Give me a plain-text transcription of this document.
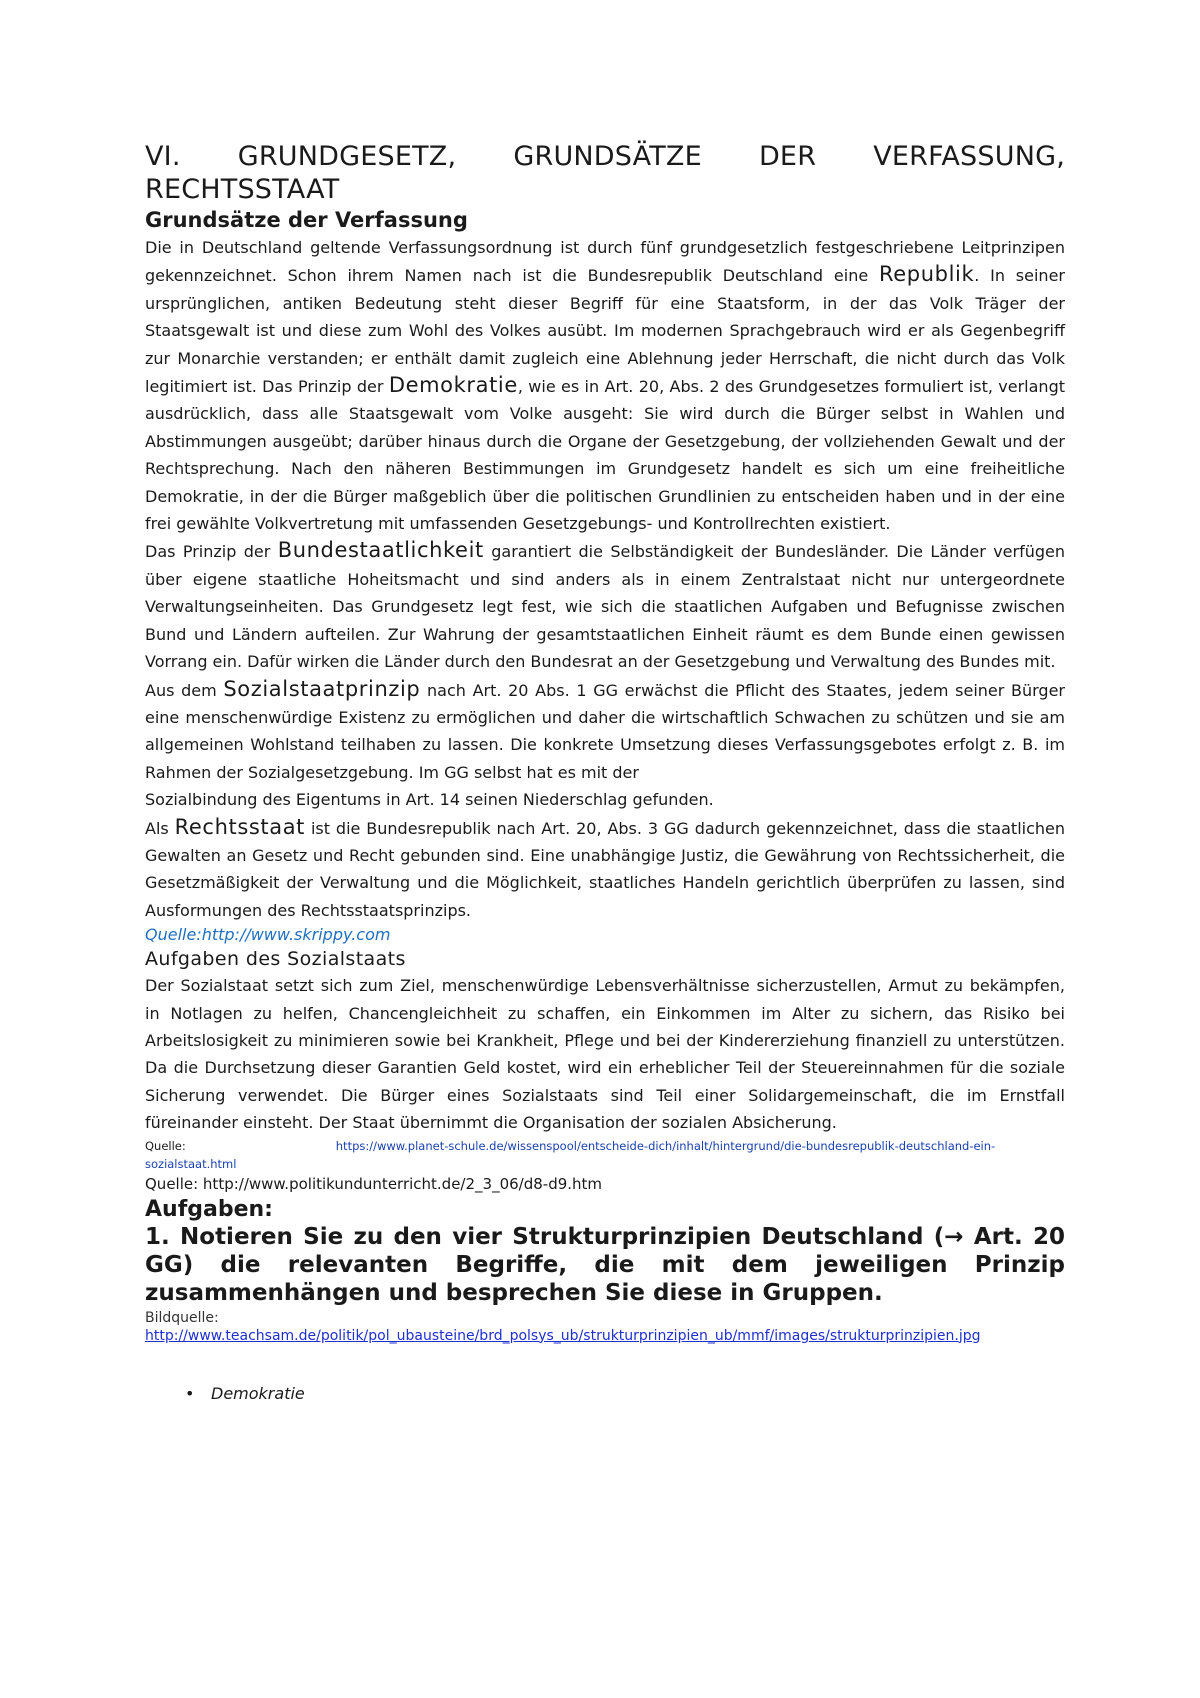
VI. GRUNDGESETZ, GRUNDSÄTZE DER VERFASSUNG, RECHTSSTAAT
Grundsätze der Verfassung

Die in Deutschland geltende Verfassungsordnung ist durch fünf grundgesetzlich festgeschriebene Leitprinzipen gekennzeichnet. Schon ihrem Namen nach ist die Bundesrepublik Deutschland eine Republik. In seiner ursprünglichen, antiken Bedeutung steht dieser Begriff für eine Staatsform, in der das Volk Träger der Staatsgewalt ist und diese zum Wohl des Volkes ausübt. Im modernen Sprachgebrauch wird er als Gegenbegriff zur Monarchie verstanden; er enthält damit zugleich eine Ablehnung jeder Herrschaft, die nicht durch das Volk legitimiert ist. Das Prinzip der Demokratie, wie es in Art. 20, Abs. 2 des Grundgesetzes formuliert ist, verlangt ausdrücklich, dass alle Staatsgewalt vom Volke ausgeht: Sie wird durch die Bürger selbst in Wahlen und Abstimmungen ausgeübt; darüber hinaus durch die Organe der Gesetzgebung, der vollziehenden Gewalt und der Rechtsprechung. Nach den näheren Bestimmungen im Grundgesetz handelt es sich um eine freiheitliche Demokratie, in der die Bürger maßgeblich über die politischen Grundlinien zu entscheiden haben und in der eine frei gewählte Volkvertretung mit umfassenden Gesetzgebungs- und Kontrollrechten existiert.

Das Prinzip der Bundestaatlichkeit garantiert die Selbständigkeit der Bundesländer. Die Länder verfügen über eigene staatliche Hoheitsmacht und sind anders als in einem Zentralstaat nicht nur untergeordnete Verwaltungseinheiten. Das Grundgesetz legt fest, wie sich die staatlichen Aufgaben und Befugnisse zwischen Bund und Ländern aufteilen. Zur Wahrung der gesamtstaatlichen Einheit räumt es dem Bunde einen gewissen Vorrang ein. Dafür wirken die Länder durch den Bundesrat an der Gesetzgebung und Verwaltung des Bundes mit.

Aus dem Sozialstaatprinzip nach Art. 20 Abs. 1 GG erwächst die Pflicht des Staates, jedem seiner Bürger eine menschenwürdige Existenz zu ermöglichen und daher die wirtschaftlich Schwachen zu schützen und sie am allgemeinen Wohlstand teilhaben zu lassen. Die konkrete Umsetzung dieses Verfassungsgebotes erfolgt z. B. im Rahmen der Sozialgesetzgebung. Im GG selbst hat es mit der

Sozialbindung des Eigentums in Art. 14 seinen Niederschlag gefunden.

Als Rechtsstaat ist die Bundesrepublik nach Art. 20, Abs. 3 GG dadurch gekennzeichnet, dass die staatlichen Gewalten an Gesetz und Recht gebunden sind. Eine unabhängige Justiz, die Gewährung von Rechtssicherheit, die Gesetzmäßigkeit der Verwaltung und die Möglichkeit, staatliches Handeln gerichtlich überprüfen zu lassen, sind Ausformungen des Rechtsstaatsprinzips.

Quelle:http://www.skrippy.com
Aufgaben des Sozialstaats

Der Sozialstaat setzt sich zum Ziel, menschenwürdige Lebensverhältnisse sicherzustellen, Armut zu bekämpfen, in Notlagen zu helfen, Chancengleichheit zu schaffen, ein Einkommen im Alter zu sichern, das Risiko bei Arbeitslosigkeit zu minimieren sowie bei Krankheit, Pflege und bei der Kindererziehung finanziell zu unterstützen. Da die Durchsetzung dieser Garantien Geld kostet, wird ein erheblicher Teil der Steuereinnahmen für die soziale Sicherung verwendet. Die Bürger eines Sozialstaats sind Teil einer Solidargemeinschaft, die im Ernstfall füreinander einsteht. Der Staat übernimmt die Organisation der sozialen Absicherung.

Quelle:	https://www.planet-schule.de/wissenspool/entscheide-dich/inhalt/hintergrund/die-bundesrepublik-deutschland-ein-sozialstaat.html
Quelle: http://www.politikundunterricht.de/2_3_06/d8-d9.htm
Aufgaben:

1. Notieren Sie zu den vier Strukturprinzipien Deutschland (→ Art. 20 GG) die relevanten Begriffe, die mit dem jeweiligen Prinzip zusammenhängen und besprechen Sie diese in Gruppen.

Bildquelle:
http://www.teachsam.de/politik/pol_ubausteine/brd_polsys_ub/strukturprinzipien_ub/mmf/images/strukturprinzipien.jpg
• Demokratie
